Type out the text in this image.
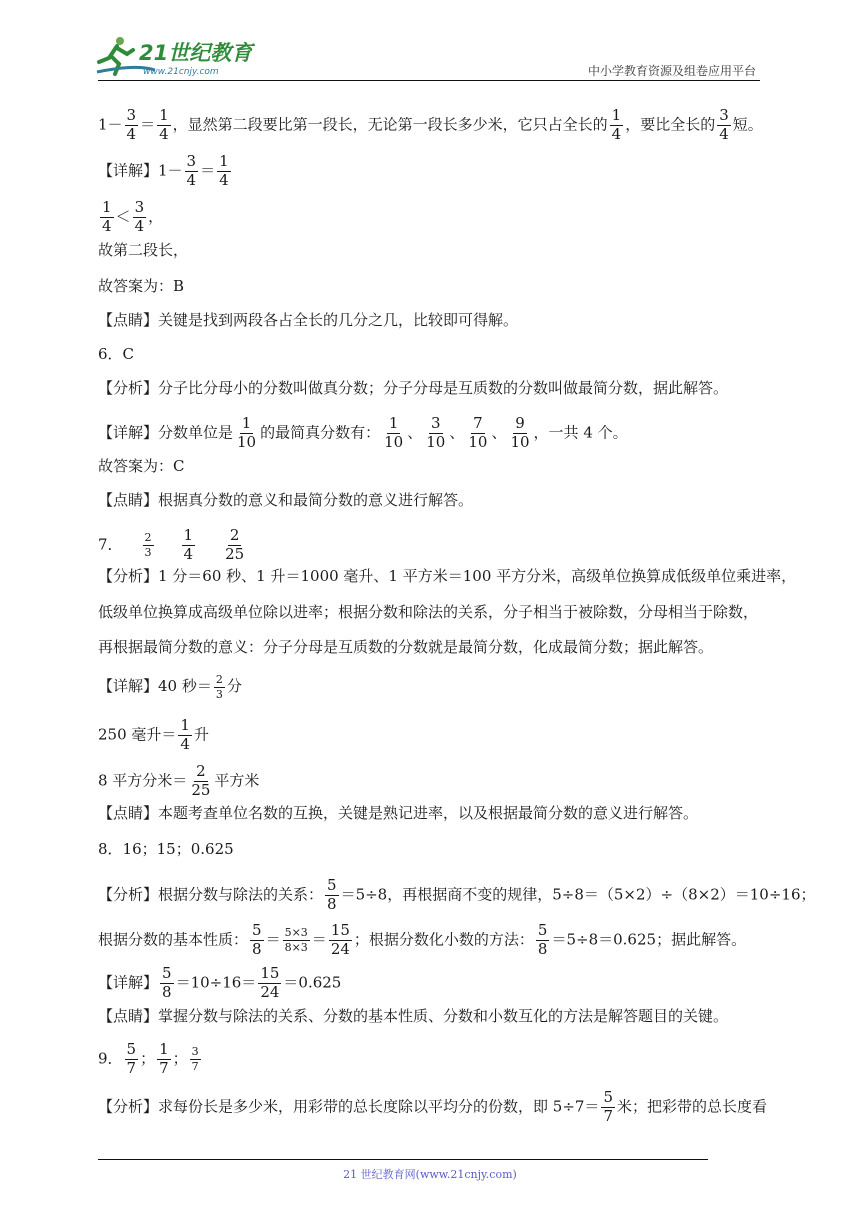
21世纪教育
www.21cnjy.com	中小学教育资源及组卷应用平台
$1- \frac{3}{4} = \frac{1}{4}$ ，显然第二段要比第一段长，无论第一段长多少米，它只占全长的 $\frac{1}{4}$ ，要比全长的 $\frac{3}{4}$ 短。
【详解】$1- \frac{3}{4} = \frac{1}{4}$
$\frac{1}{4} < \frac{3}{4}$ ，
故第二段长，
故答案为：B
【点睛】关键是找到两段各占全长的几分之几，比较即可得解。
6．C
【分析】分子比分母小的分数叫做真分数；分子分母是互质数的分数叫做最简分数，据此解答。
【详解】分数单位是 $\frac{1}{10}$ 的最简真分数有： $\frac{1}{10}$ 、 $\frac{3}{10}$ 、 $\frac{7}{10}$ 、 $\frac{9}{10}$ ，一共 4 个。
故答案为：C
【点睛】根据真分数的意义和最简分数的意义进行解答。
7． $\frac{2}{3} \frac{1}{4} \frac{2}{25}$
【分析】1 分＝60 秒、1 升＝1000 毫升、1 平方米＝100 平方分米，高级单位换算成低级单位乘进率，
低级单位换算成高级单位除以进率；根据分数和除法的关系，分子相当于被除数，分母相当于除数，
再根据最简分数的意义：分子分母是互质数的分数就是最简分数，化成最简分数；据此解答。
【详解】40 秒＝ $\frac{2}{3}$ 分
250 毫升＝ $\frac{1}{4}$ 升
8 平方分米＝ $\frac{2}{25}$ 平方米
【点睛】本题考查单位名数的互换，关键是熟记进率，以及根据最简分数的意义进行解答。
8．16；15；0.625
【分析】根据分数与除法的关系： $\frac{5}{8} =5\div 8$，再根据商不变的规律，5÷8＝（5×2）÷（8×2）＝10÷16；
根据分数的基本性质： $\frac{5}{8} = \frac{5\times 3}{8\times 3} = \frac{15}{24}$ ；根据分数化小数的方法： $\frac{5}{8} =5\div 8=0.625$；据此解答。
【详解】 $\frac{5}{8} =10\div 16= \frac{15}{24} =0.625$
【点睛】掌握分数与除法的关系、分数的基本性质、分数和小数互化的方法是解答题目的关键。
9． $\frac{5}{7}$ ； $\frac{1}{7}$ ； $\frac{3}{7}$
【分析】求每份长是多少米，用彩带的总长度除以平均分的份数，即 $5\div 7= \frac{5}{7}$ 米；把彩带的总长度看
21 世纪教育网(www.21cnjy.com)
